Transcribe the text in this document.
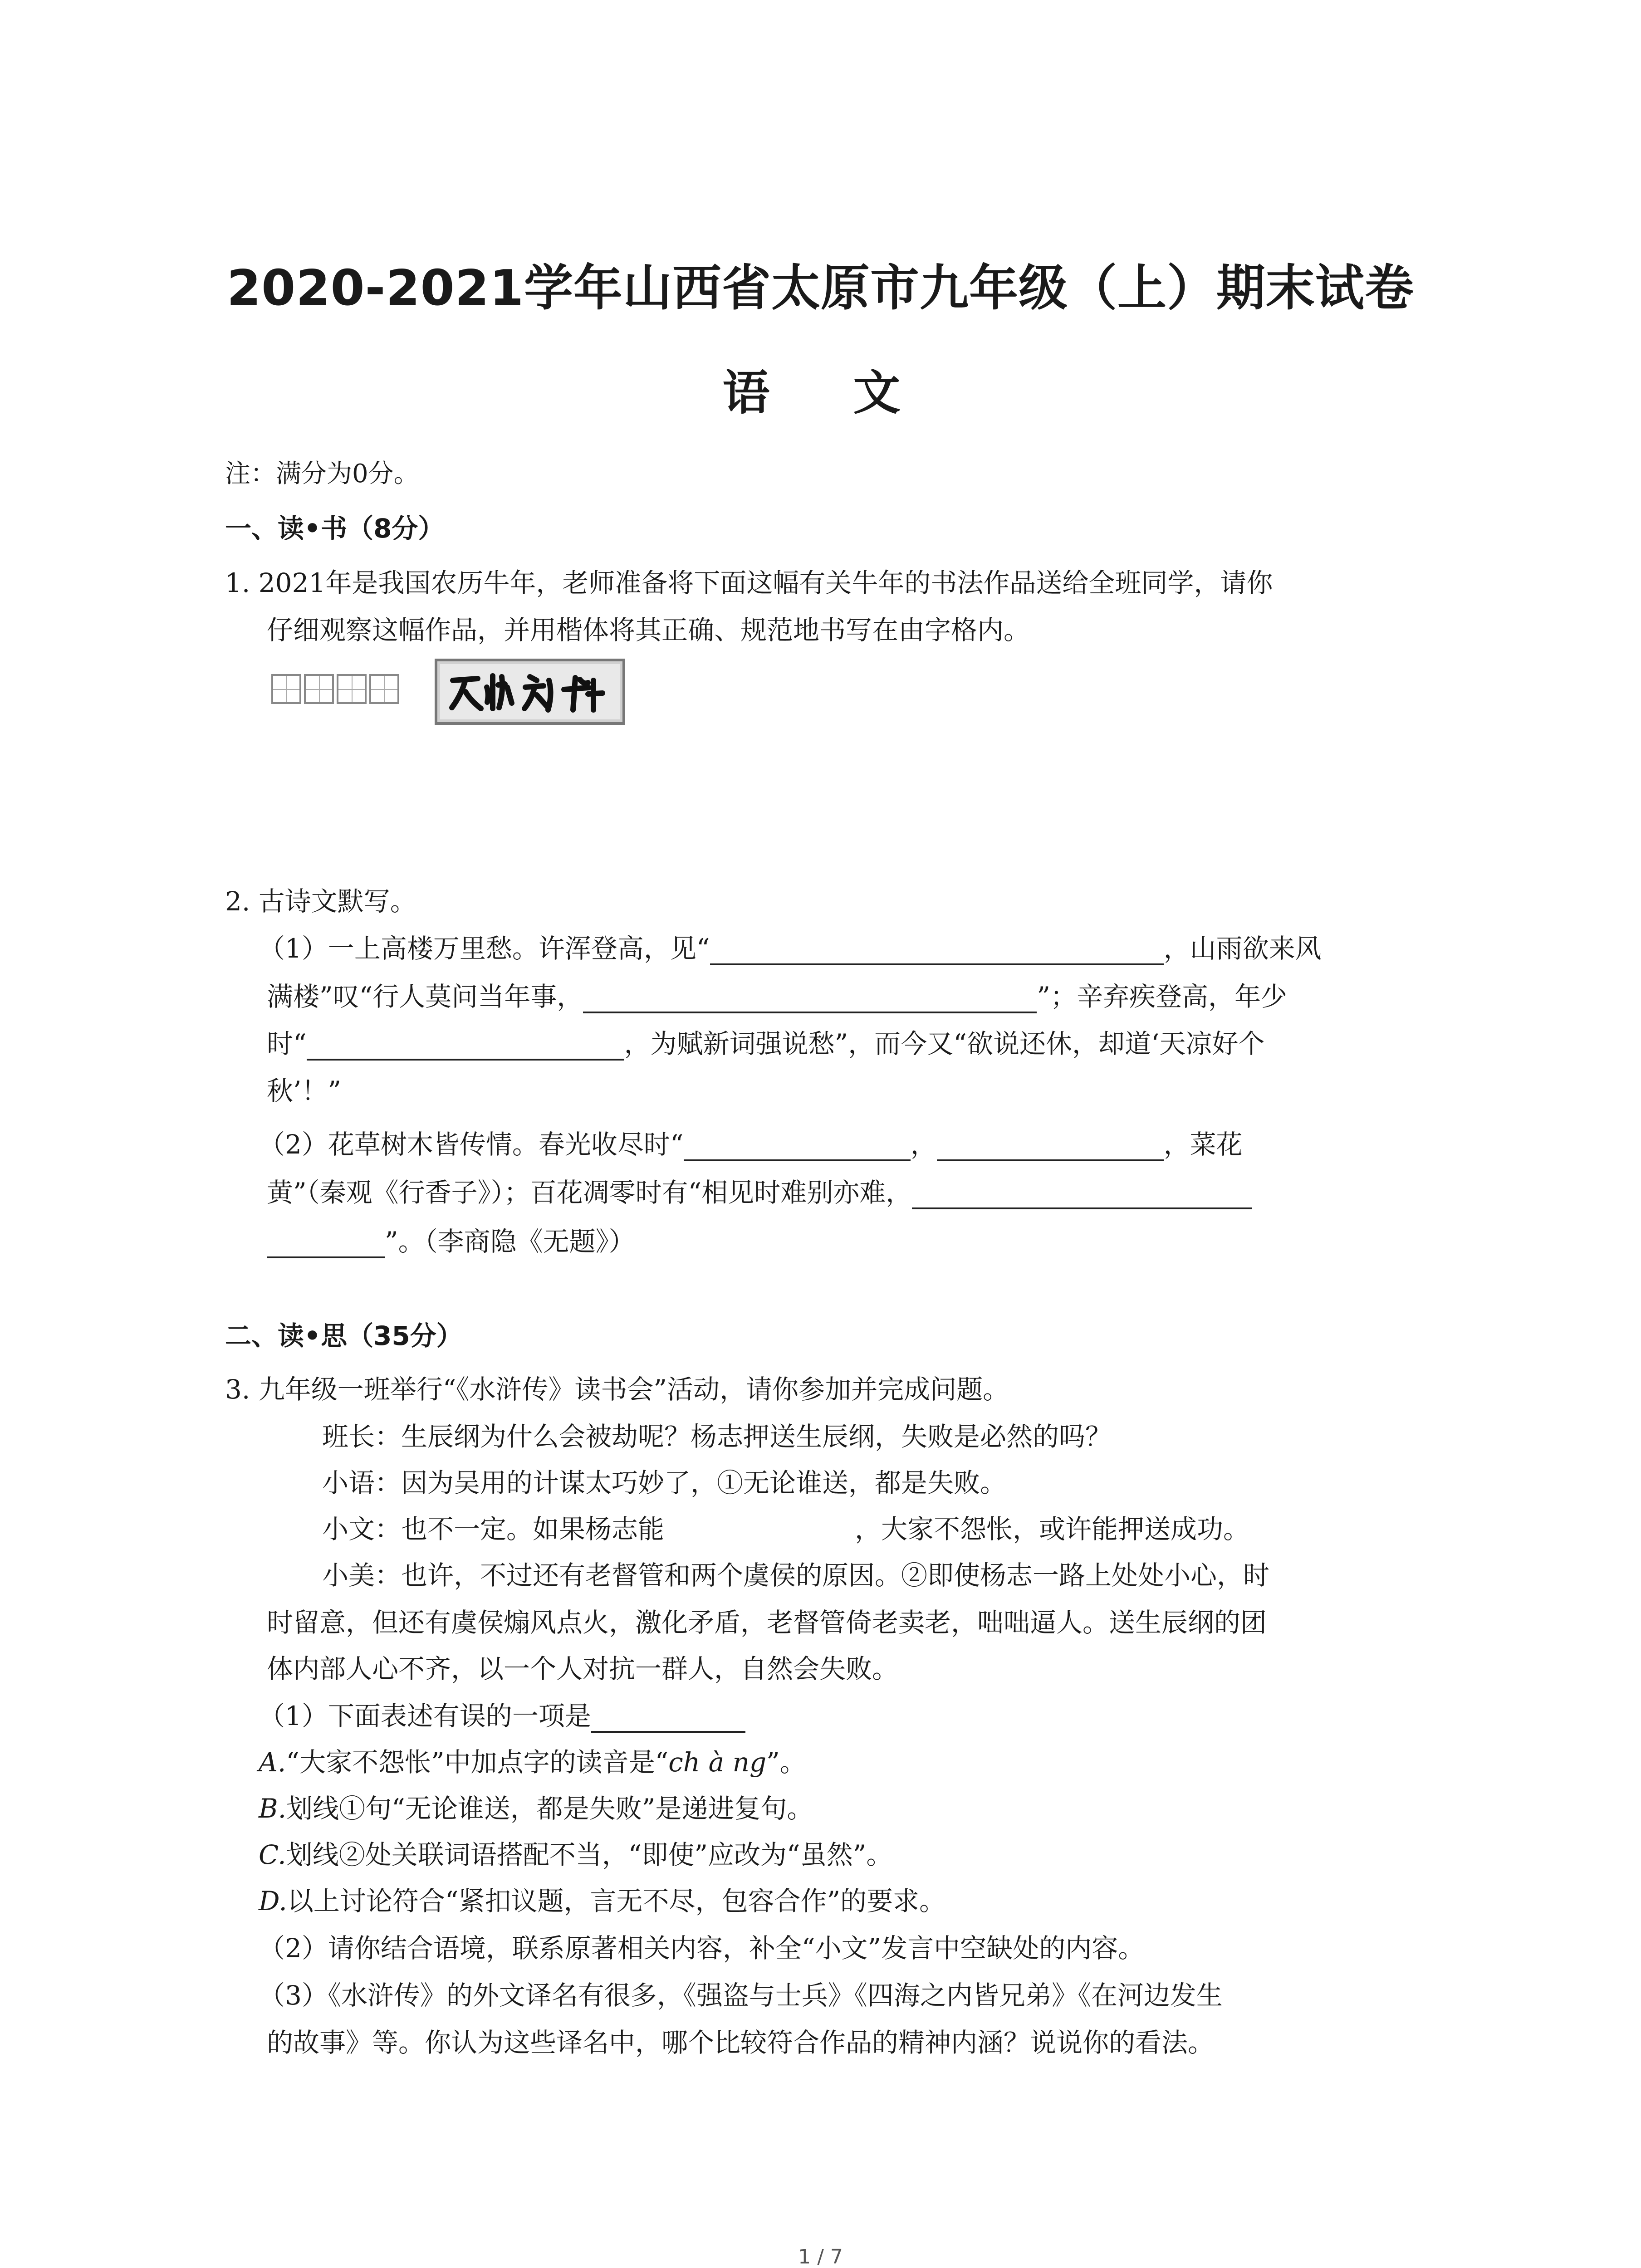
2020-2021学年山西省太原市九年级（上）期末试卷
语　文
注：满分为0分。
一、读•书（8分）
1. 2021年是我国农历牛年，老师准备将下面这幅有关牛年的书法作品送给全班同学，请你
仔细观察这幅作品，并用楷体将其正确、规范地书写在由字格内。
2. 古诗文默写。
（1）一上高楼万里愁。许浑登高，见“	，山雨欲来风
满楼”叹“行人莫问当年事，	”；辛弃疾登高，年少
时“	，为赋新词强说愁”，而今又“欲说还休，却道‘天凉好个
秋’！”
（2）花草树木皆传情。春光收尽时“	，	，菜花
黄”（秦观《行香子》）；百花凋零时有“相见时难别亦难，
”。（李商隐《无题》）
二、读•思（35分）
3. 九年级一班举行“《水浒传》读书会”活动，请你参加并完成问题。
班长：生辰纲为什么会被劫呢？杨志押送生辰纲，失败是必然的吗？
小语：因为吴用的计谋太巧妙了，①无论谁送，都是失败。
小文：也不一定。如果杨志能	，大家不怨怅，或许能押送成功。
小美：也许，不过还有老督管和两个虞侯的原因。②即使杨志一路上处处小心，时
时留意，但还有虞侯煽风点火，激化矛盾，老督管倚老卖老，咄咄逼人。送生辰纲的团
体内部人心不齐，以一个人对抗一群人，自然会失败。
（1）下面表述有误的一项是
A.“大家不怨怅”中加点字的读音是“ch à ng”。
B.划线①句“无论谁送，都是失败”是递进复句。
C.划线②处关联词语搭配不当，“即使”应改为“虽然”。
D.以上讨论符合“紧扣议题，言无不尽，包容合作”的要求。
（2）请你结合语境，联系原著相关内容，补全“小文”发言中空缺处的内容。
（3）《水浒传》的外文译名有很多，《强盗与士兵》《四海之内皆兄弟》《在河边发生
的故事》等。你认为这些译名中，哪个比较符合作品的精神内涵？说说你的看法。
1 / 7
